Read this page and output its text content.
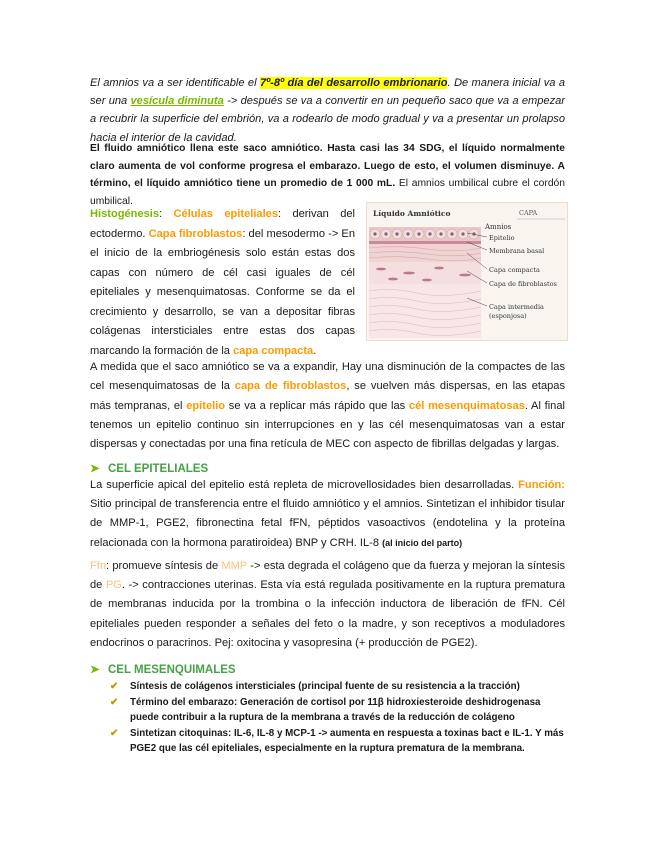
El amnios va a ser identificable el 7º-8º día del desarrollo embrionario. De manera inicial va a ser una vesícula diminuta -> después se va a convertir en un pequeño saco que va a empezar a recubrir la superficie del embrión, va a rodearlo de modo gradual y va a presentar un prolapso hacia el interior de la cavidad.
El fluido amniótico llena este saco amniótico. Hasta casi las 34 SDG, el líquido normalmente claro aumenta de vol conforme progresa el embarazo. Luego de esto, el volumen disminuye. A término, el líquido amniótico tiene un promedio de 1 000 mL. El amnios umbilical cubre el cordón umbilical.
Histogénesis: Células epiteliales: derivan del ectodermo. Capa fibroblastos: del mesodermo -> En el inicio de la embriogénesis solo están estas dos capas con número de cél casi iguales de cél epiteliales y mesenquimatosas. Conforme se da el crecimiento y desarrollo, se van a depositar fibras colágenas intersticiales entre estas dos capas marcando la formación de la capa compacta.
Líquido Amniótico	CAPA
Amnios
Epitelio
Membrana basal
Capa compacta
Capa de fibroblastos
Capa intermedia
(esponjosa)
A medida que el saco amniótico se va a expandir, Hay una disminución de la compactes de las cel mesenquimatosas de la capa de fibroblastos, se vuelven más dispersas, en las etapas más tempranas, el epitelio se va a replicar más rápido que las cél mesenquimatosas. Al final tenemos un epitelio continuo sin interrupciones en y las cél mesenquimatosas van a estar dispersas y conectadas por una fina retícula de MEC con aspecto de fibrillas delgadas y largas.
➤ CEL EPITELIALES
La superficie apical del epitelio está repleta de microvellosidades bien desarrolladas. Función: Sitio principal de transferencia entre el fluido amniótico y el amnios. Sintetizan el inhibidor tisular de MMP-1, PGE2, fibronectina fetal fFN, péptidos vasoactivos (endotelina y la proteína relacionada con la hormona paratiroidea) BNP y CRH. IL-8 (al inicio del parto)
Ffn: promueve síntesis de MMP -> esta degrada el colágeno que da fuerza y mejoran la síntesis de PG. -> contracciones uterinas. Esta vía está regulada positivamente en la ruptura prematura de membranas inducida por la trombina o la infección inductora de liberación de fFN. Cél epiteliales pueden responder a señales del feto o la madre, y son receptivos a moduladores endocrinos o paracrinos. Pej: oxitocina y vasopresina (+ producción de PGE2).
➤ CEL MESENQUIMALES
✔ Síntesis de colágenos intersticiales (principal fuente de su resistencia a la tracción)
✔ Término del embarazo: Generación de cortisol por 11β hidroxiesteroide deshidrogenasa puede contribuir a la ruptura de la membrana a través de la reducción de colágeno
✔ Sintetizan citoquinas: IL-6, IL-8 y MCP-1 -> aumenta en respuesta a toxinas bact e IL-1. Y más PGE2 que las cél epiteliales, especialmente en la ruptura prematura de la membrana.
